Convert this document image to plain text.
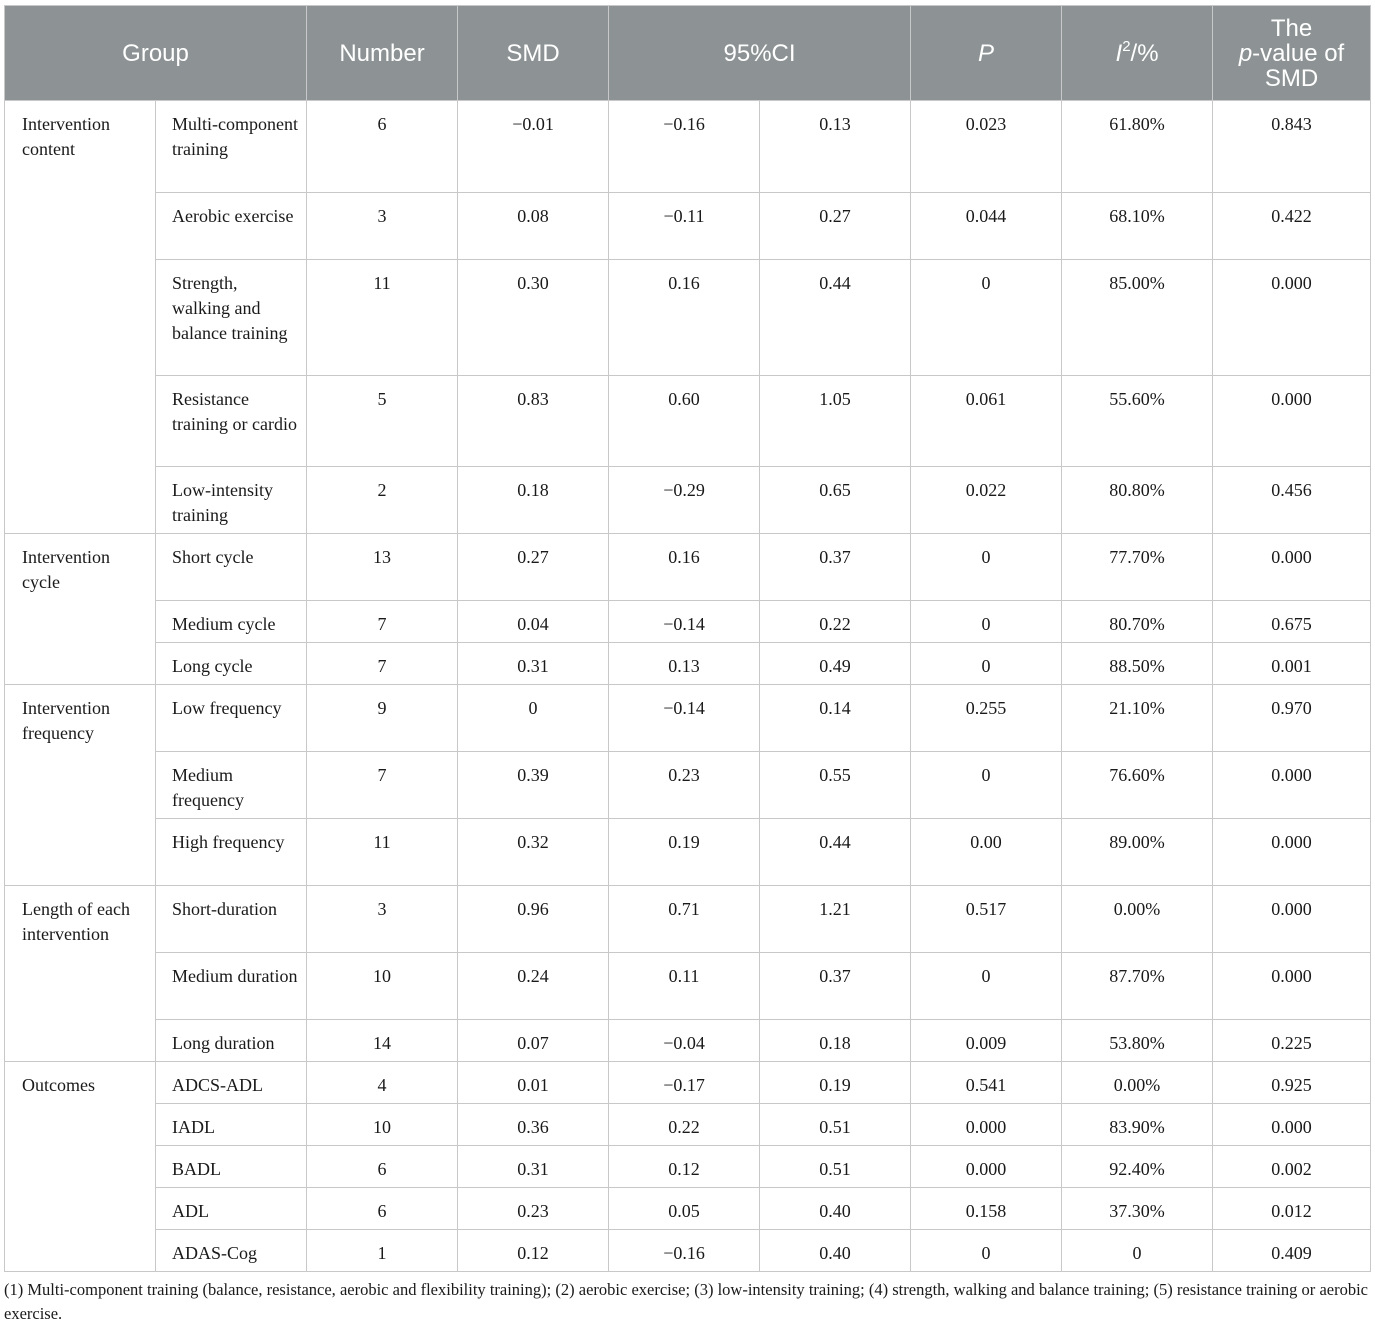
Group		Number	SMD	95%CI		P	$I^2/\%$	The
p-value of
SMD
Intervention content	Multi-component training	6	−0.01	−0.16	0.13	0.023	61.80%	0.843
	Aerobic exercise	3	0.08	−0.11	0.27	0.044	68.10%	0.422
	Strength, walking and balance training	11	0.30	0.16	0.44	0	85.00%	0.000
	Resistance training or cardio	5	0.83	0.60	1.05	0.061	55.60%	0.000
	Low-intensity training	2	0.18	−0.29	0.65	0.022	80.80%	0.456
Intervention cycle	Short cycle	13	0.27	0.16	0.37	0	77.70%	0.000
	Medium cycle	7	0.04	−0.14	0.22	0	80.70%	0.675
	Long cycle	7	0.31	0.13	0.49	0	88.50%	0.001
Intervention frequency	Low frequency	9	0	−0.14	0.14	0.255	21.10%	0.970
	Medium frequency	7	0.39	0.23	0.55	0	76.60%	0.000
	High frequency	11	0.32	0.19	0.44	0.00	89.00%	0.000
Length of each intervention	Short-duration	3	0.96	0.71	1.21	0.517	0.00%	0.000
	Medium duration	10	0.24	0.11	0.37	0	87.70%	0.000
	Long duration	14	0.07	−0.04	0.18	0.009	53.80%	0.225
Outcomes	ADCS-ADL	4	0.01	−0.17	0.19	0.541	0.00%	0.925
	IADL	10	0.36	0.22	0.51	0.000	83.90%	0.000
	BADL	6	0.31	0.12	0.51	0.000	92.40%	0.002
	ADL	6	0.23	0.05	0.40	0.158	37.30%	0.012
	ADAS-Cog	1	0.12	−0.16	0.40	0	0	0.409
(1) Multi-component training (balance, resistance, aerobic and flexibility training); (2) aerobic exercise; (3) low-intensity training; (4) strength, walking and balance training; (5) resistance training or aerobic exercise.
